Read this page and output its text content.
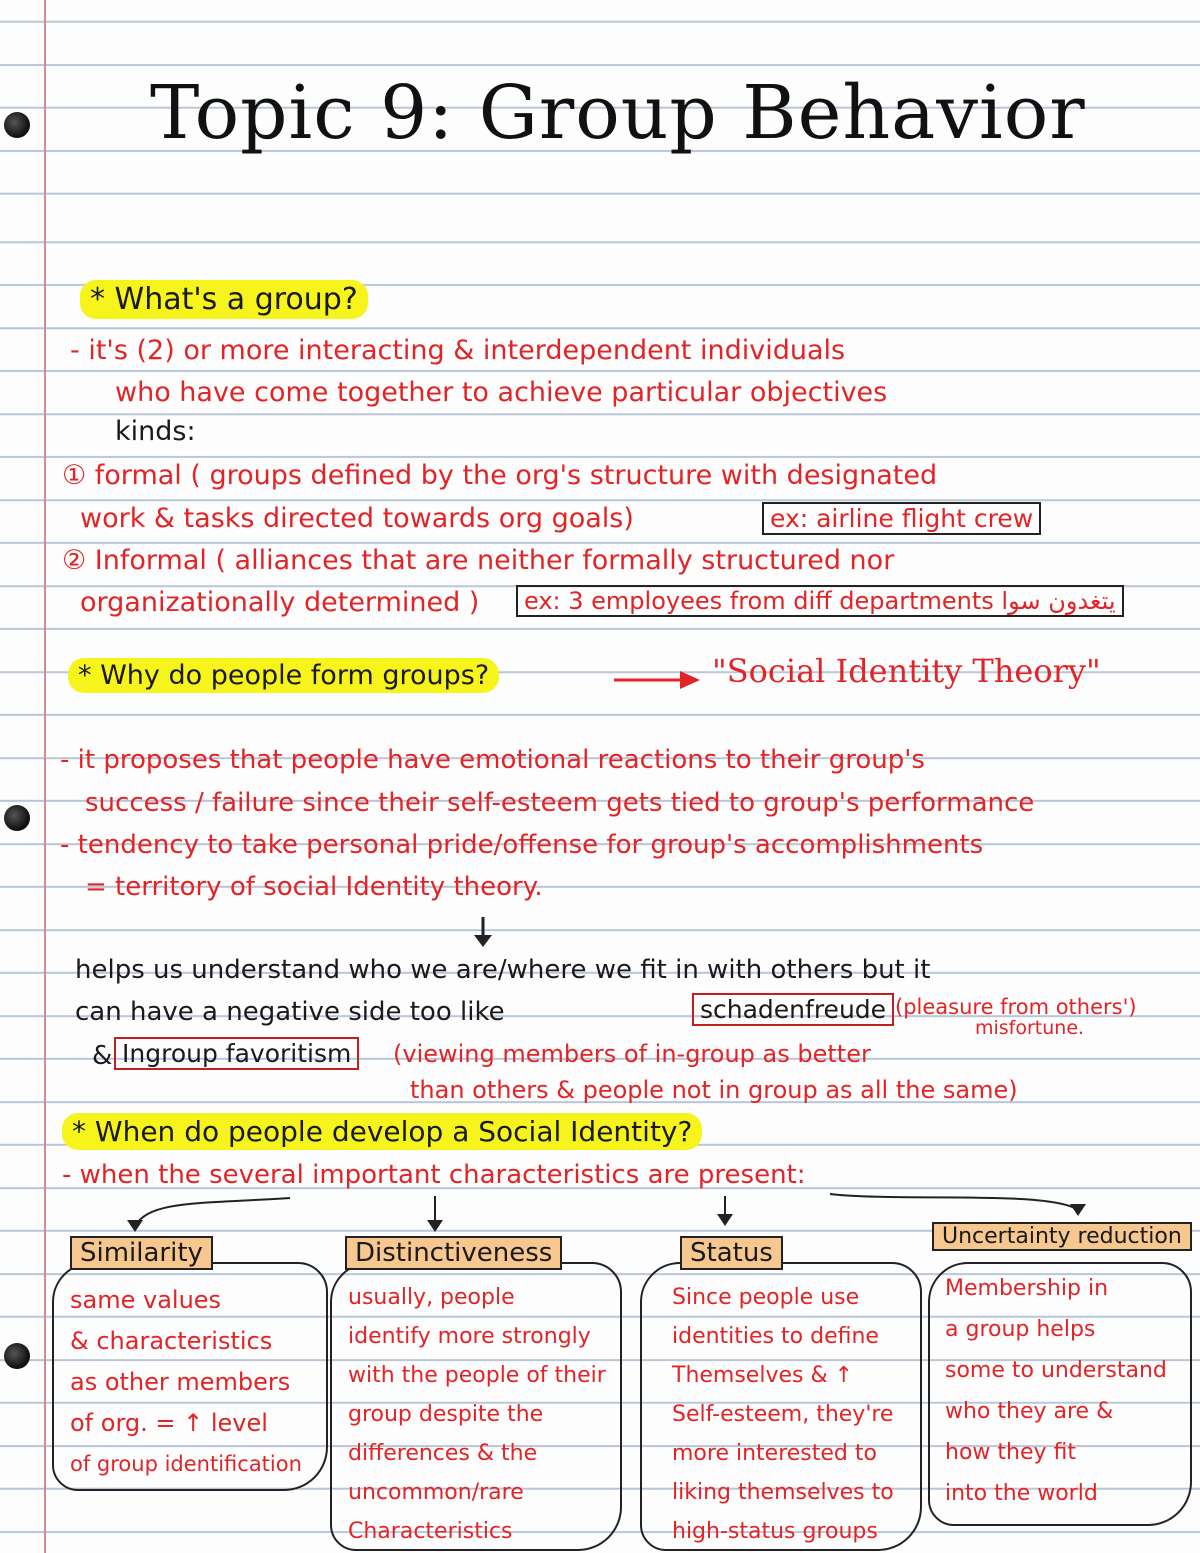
Topic 9: Group Behavior
* What's a group?
- it's (2) or more interacting & interdependent individuals
who have come together to achieve particular objectives
kinds:
① formal ( groups defined by the org's structure with designated
work & tasks directed towards org goals)	ex: airline flight crew
② Informal ( alliances that are neither formally structured nor
organizationally determined )	ex: 3 employees from diff departments يتغدون سوا
* Why do people form groups?	"Social Identity Theory"
- it proposes that people have emotional reactions to their group's
success / failure since their self-esteem gets tied to group's performance
- tendency to take personal pride/offense for group's accomplishments
= territory of social Identity theory.
helps us understand who we are/where we fit in with others but it
can have a negative side too like	schadenfreude (pleasure from others')
misfortune.
& Ingroup favoritism	(viewing members of in-group as better
than others & people not in group as all the same)
* When do people develop a Social Identity?
- when the several important characteristics are present:
Similarity	Distinctiveness	Status
Uncertainty reduction
same values
& characteristics
as other members
of org. = ↑ level
of group identification
usually, people
identify more strongly
with the people of their
group despite the
differences & the
uncommon/rare
Characteristics
Since people use
identities to define
Themselves & ↑
Self-esteem, they're
more interested to
liking themselves to
high-status groups
Membership in
a group helps
some to understand
who they are &
how they fit
into the world
